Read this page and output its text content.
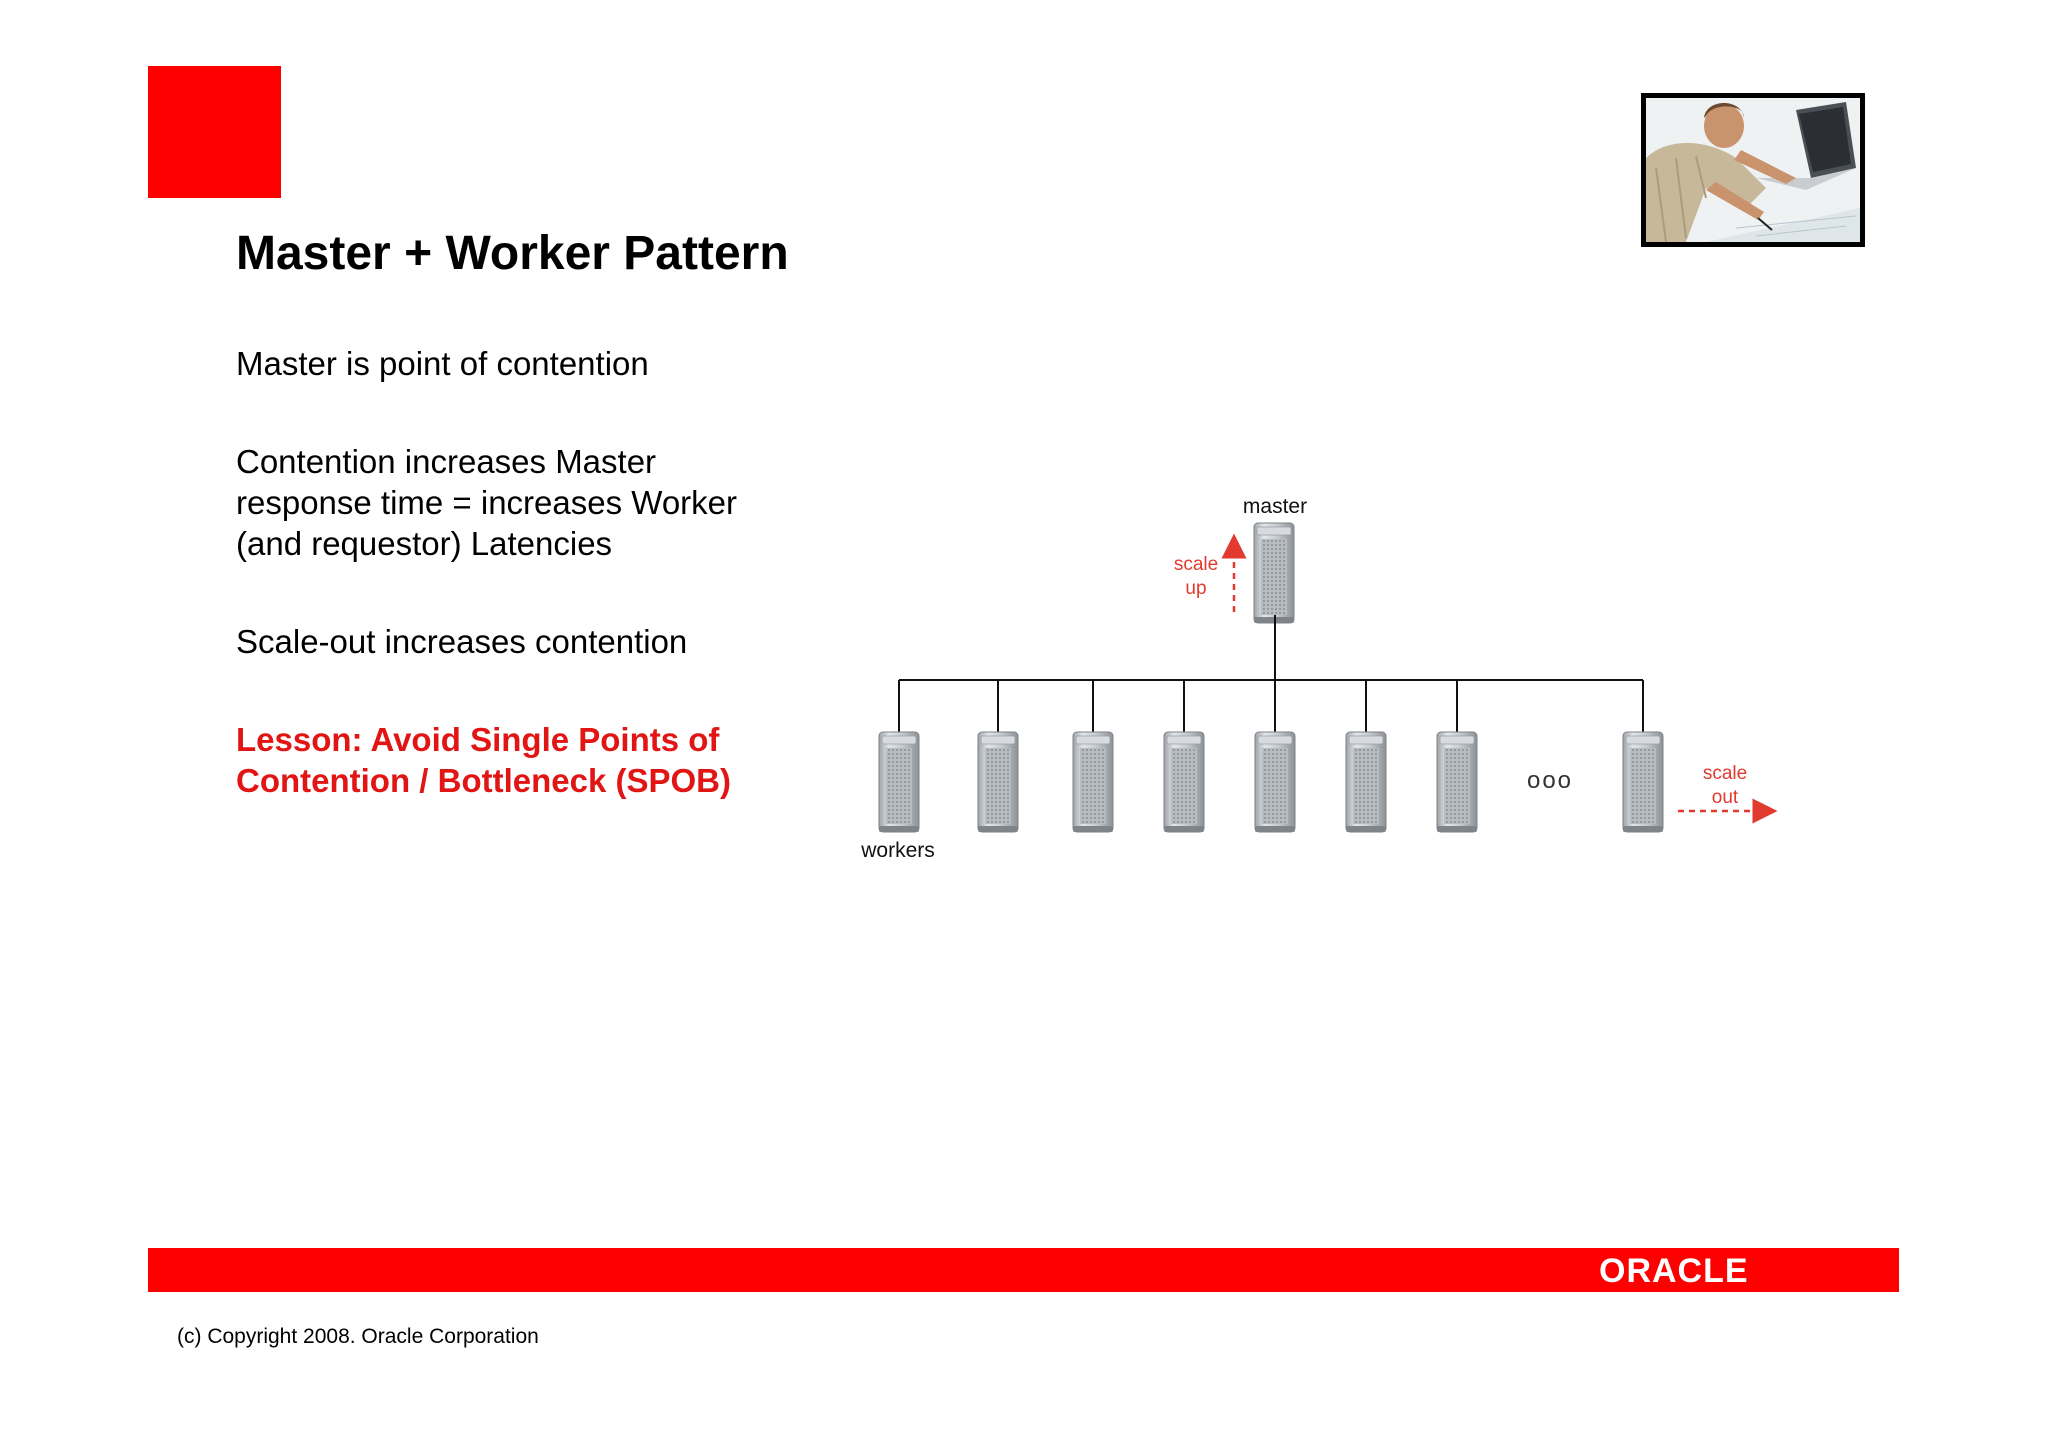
Master + Worker Pattern
Master is point of contention
Contention increases Master response time = increases Worker (and requestor) Latencies
Scale-out increases contention
Lesson: Avoid Single Points of Contention / Bottleneck (SPOB)
master
scale
up
ooo
workers
scale
out
ORACLE
(c) Copyright 2008. Oracle Corporation
